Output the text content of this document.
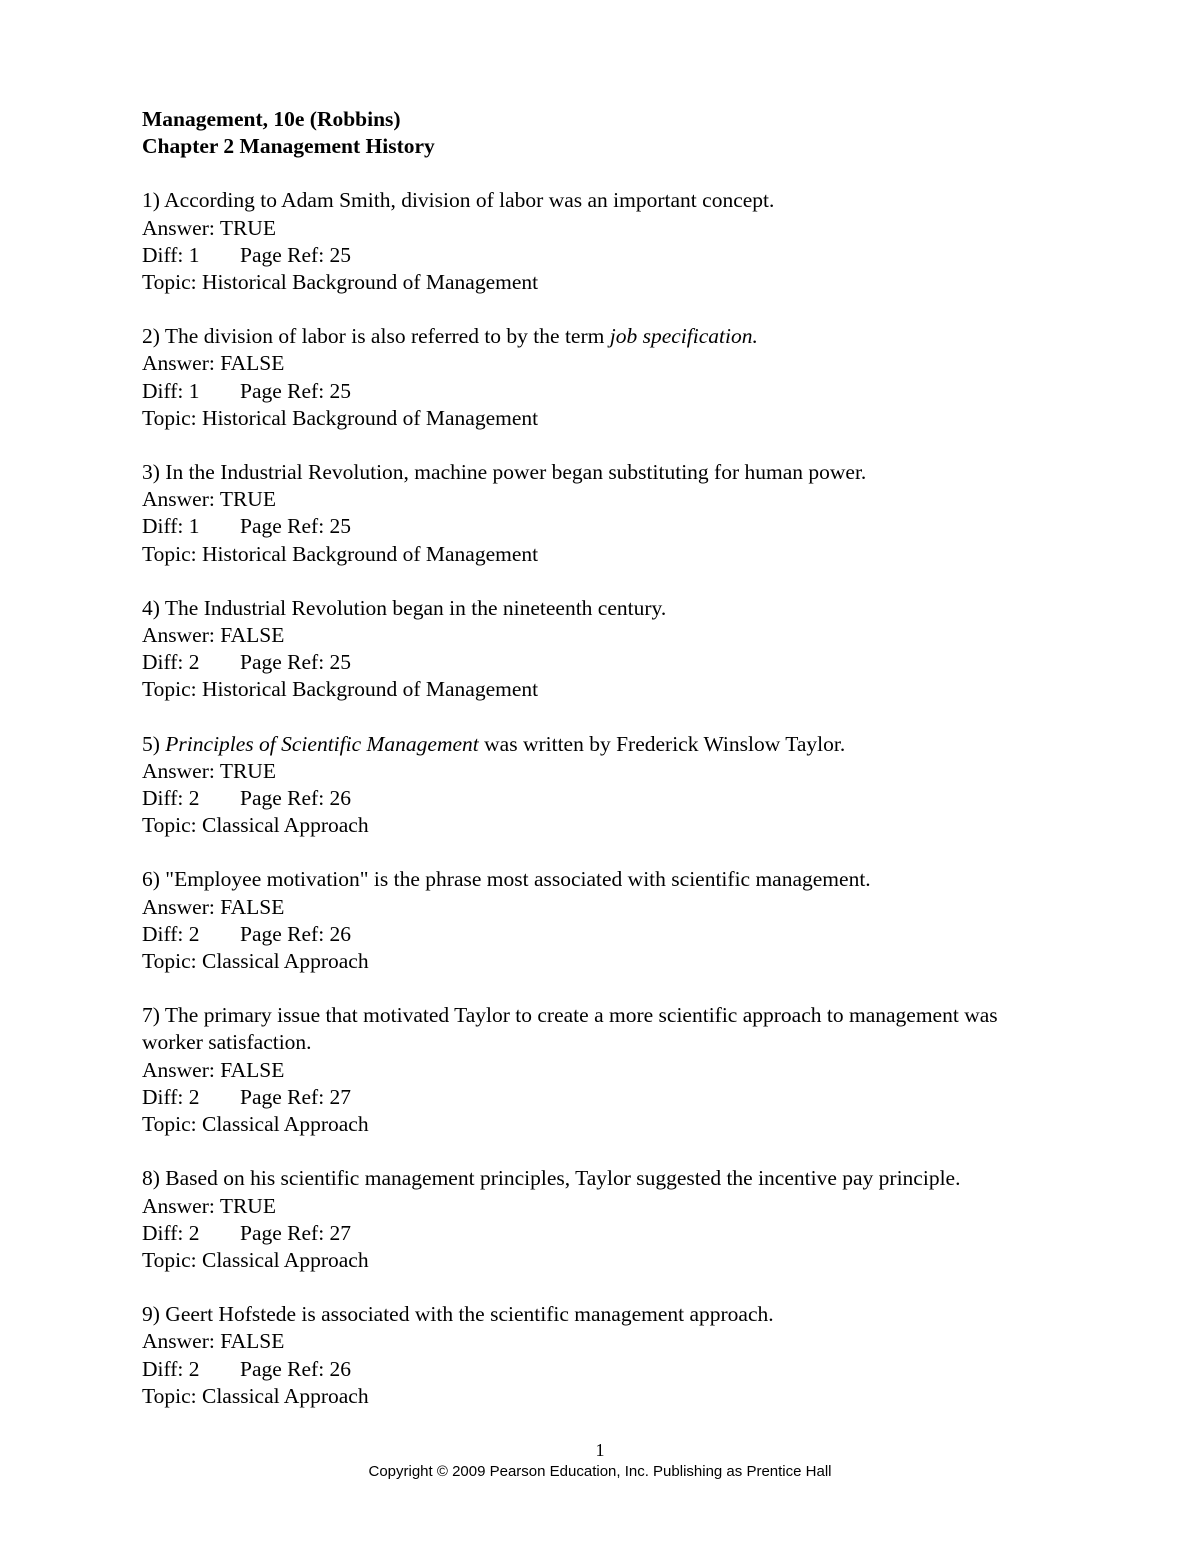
Management, 10e (Robbins)
Chapter 2 Management History
1) According to Adam Smith, division of labor was an important concept.
Answer: TRUE
Diff: 1 Page Ref: 25
Topic: Historical Background of Management
2) The division of labor is also referred to by the term job specification.
Answer: FALSE
Diff: 1 Page Ref: 25
Topic: Historical Background of Management
3) In the Industrial Revolution, machine power began substituting for human power.
Answer: TRUE
Diff: 1 Page Ref: 25
Topic: Historical Background of Management
4) The Industrial Revolution began in the nineteenth century.
Answer: FALSE
Diff: 2 Page Ref: 25
Topic: Historical Background of Management
5) Principles of Scientific Management was written by Frederick Winslow Taylor.
Answer: TRUE
Diff: 2 Page Ref: 26
Topic: Classical Approach
6) "Employee motivation" is the phrase most associated with scientific management.
Answer: FALSE
Diff: 2 Page Ref: 26
Topic: Classical Approach
7) The primary issue that motivated Taylor to create a more scientific approach to management was worker satisfaction.
Answer: FALSE
Diff: 2 Page Ref: 27
Topic: Classical Approach
8) Based on his scientific management principles, Taylor suggested the incentive pay principle.
Answer: TRUE
Diff: 2 Page Ref: 27
Topic: Classical Approach
9) Geert Hofstede is associated with the scientific management approach.
Answer: FALSE
Diff: 2 Page Ref: 26
Topic: Classical Approach
1
Copyright © 2009 Pearson Education, Inc. Publishing as Prentice Hall
